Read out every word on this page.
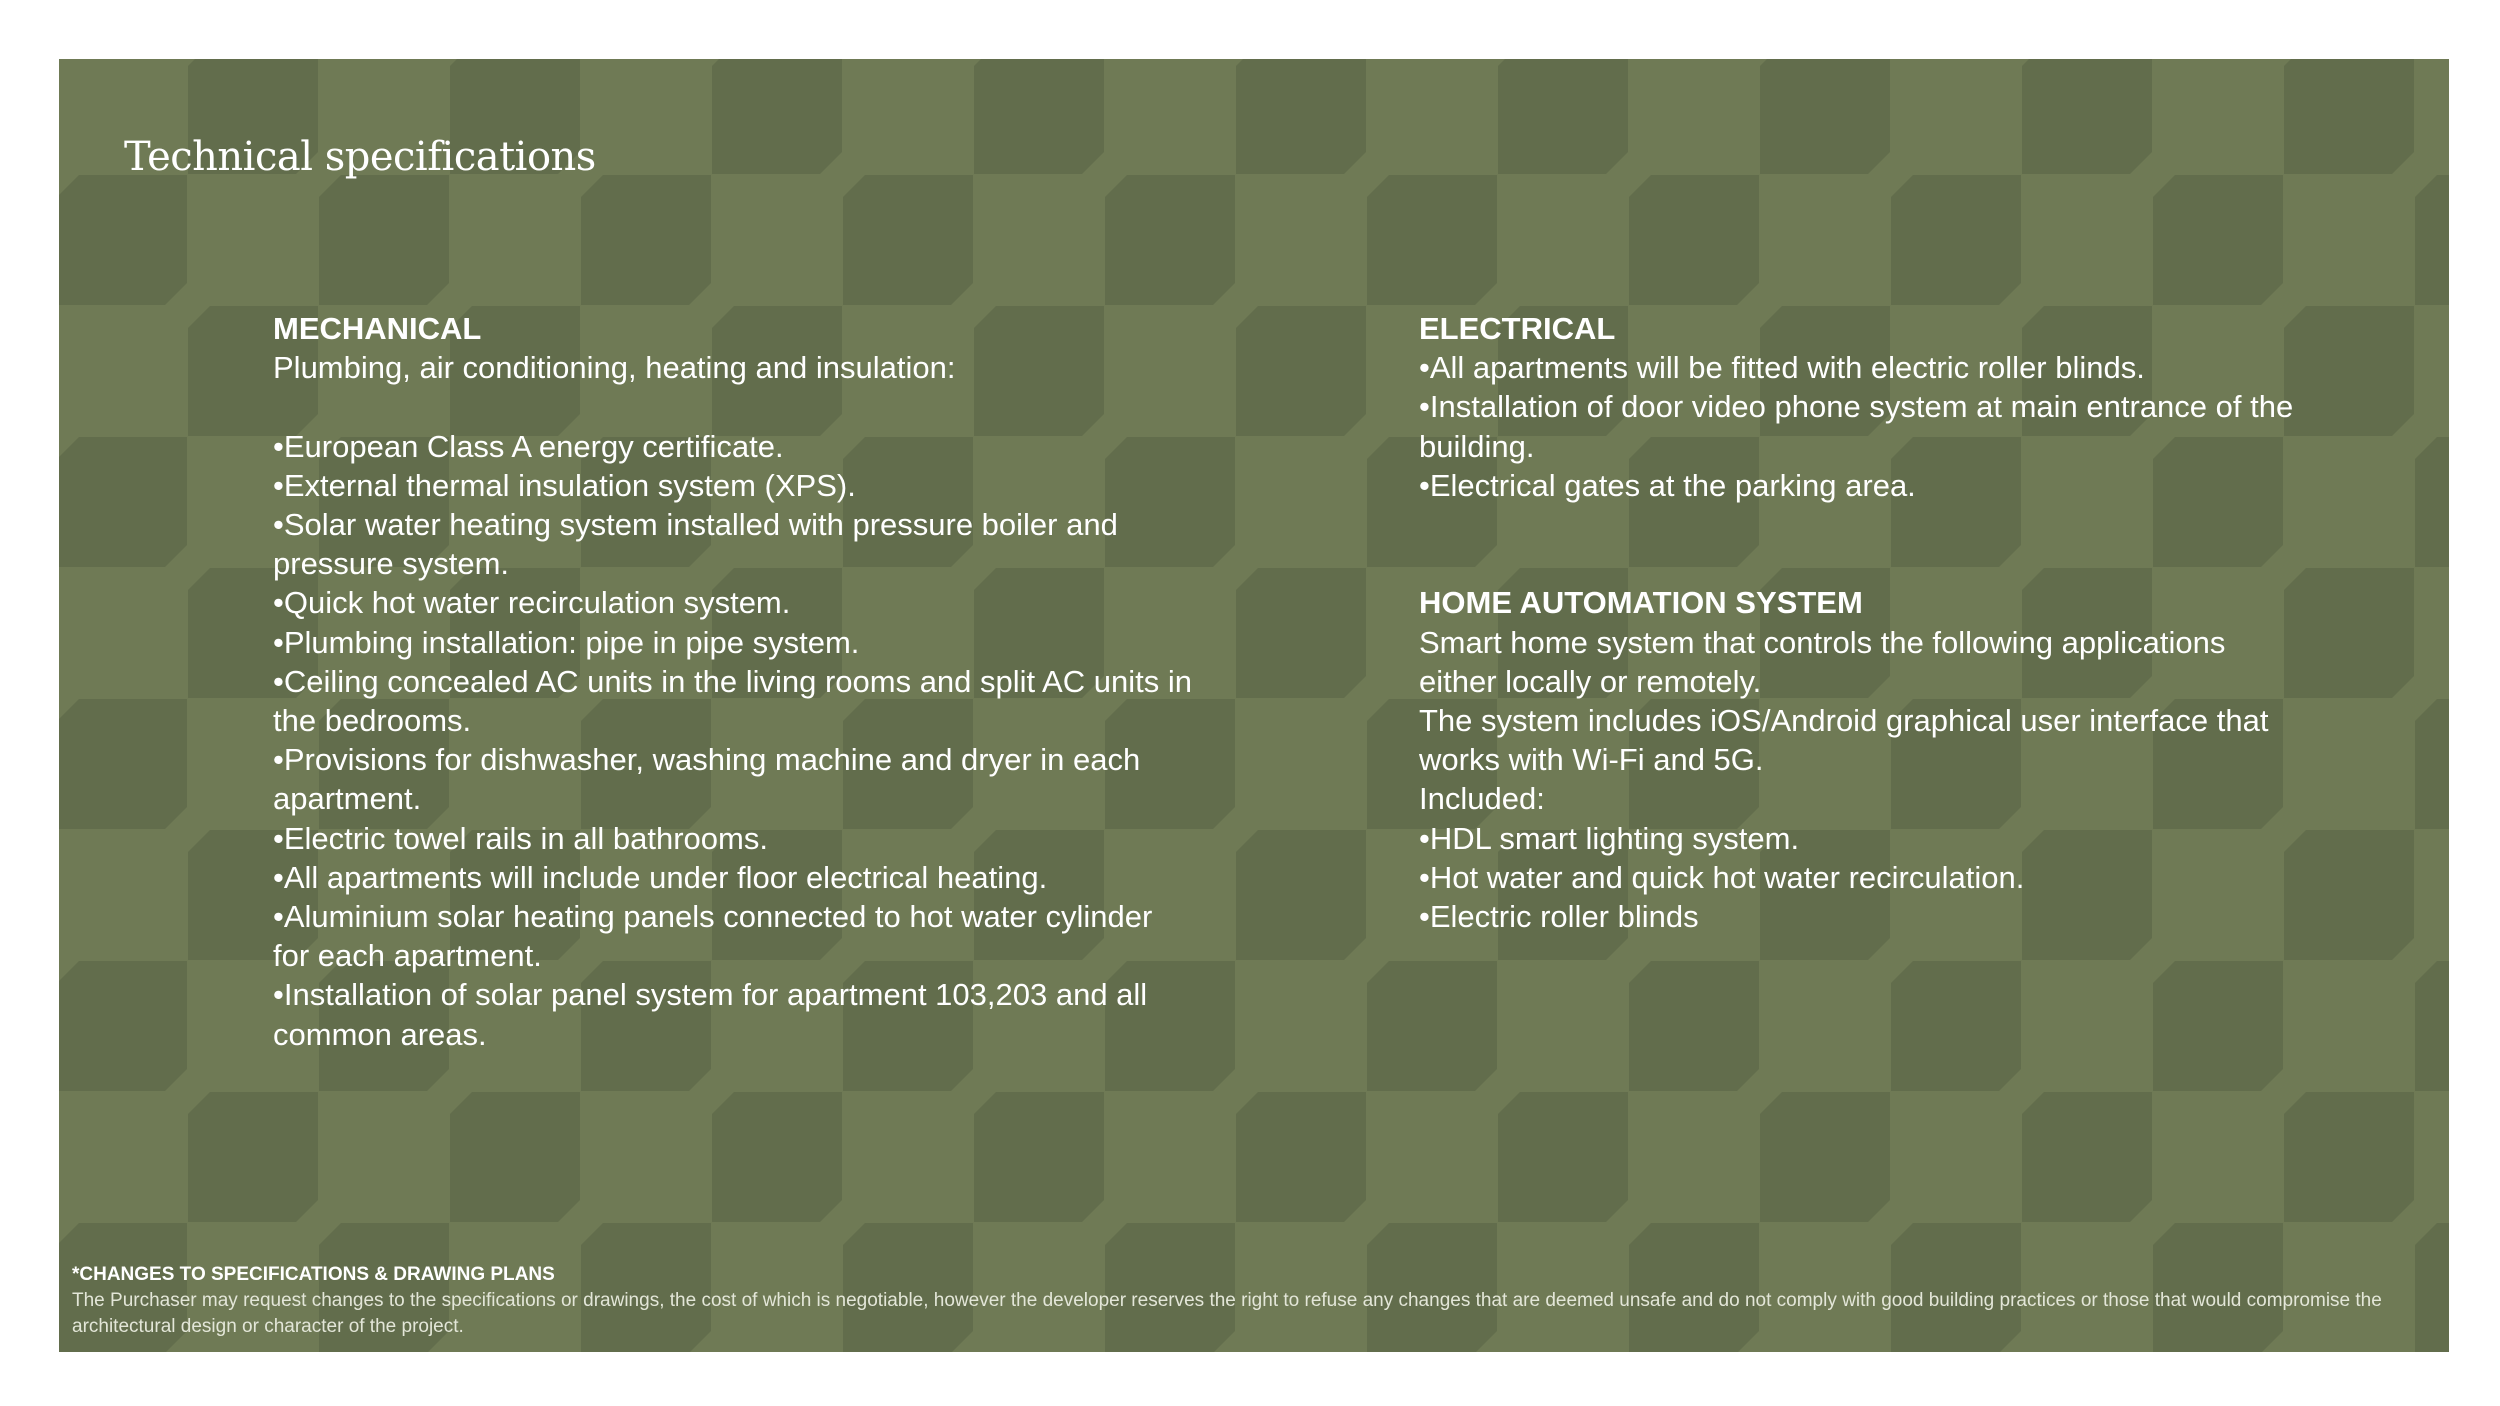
Technical specifications
MECHANICAL

Plumbing, air conditioning, heating and insulation:

• European Class A energy certificate.
• External thermal insulation system (XPS).
• Solar water heating system installed with pressure boiler and pressure system.
• Quick hot water recirculation system.
• Plumbing installation: pipe in pipe system.
• Ceiling concealed AC units in the living rooms and split AC units in the bedrooms.
• Provisions for dishwasher, washing machine and dryer in each apartment.
• Electric towel rails in all bathrooms.
• All apartments will include under floor electrical heating.
• Aluminium solar heating panels connected to hot water cylinder for each apartment.
• Installation of solar panel system for apartment 103,203 and all common areas.
ELECTRICAL
• All apartments will be fitted with electric roller blinds.
• Installation of door video phone system at main entrance of the building.
• Electrical gates at the parking area.
HOME AUTOMATION SYSTEM

Smart home system that controls the following applications either locally or remotely.

The system includes iOS/Android graphical user interface that works with Wi-Fi and 5G.

Included:

• HDL smart lighting system.
• Hot water and quick hot water recirculation.
• Electric roller blinds

*CHANGES TO SPECIFICATIONS & DRAWING PLANS

The Purchaser may request changes to the specifications or drawings, the cost of which is negotiable, however the developer reserves the right to refuse any changes that are deemed unsafe and do not comply with good building practices or those that would compromise the architectural design or character of the project.
